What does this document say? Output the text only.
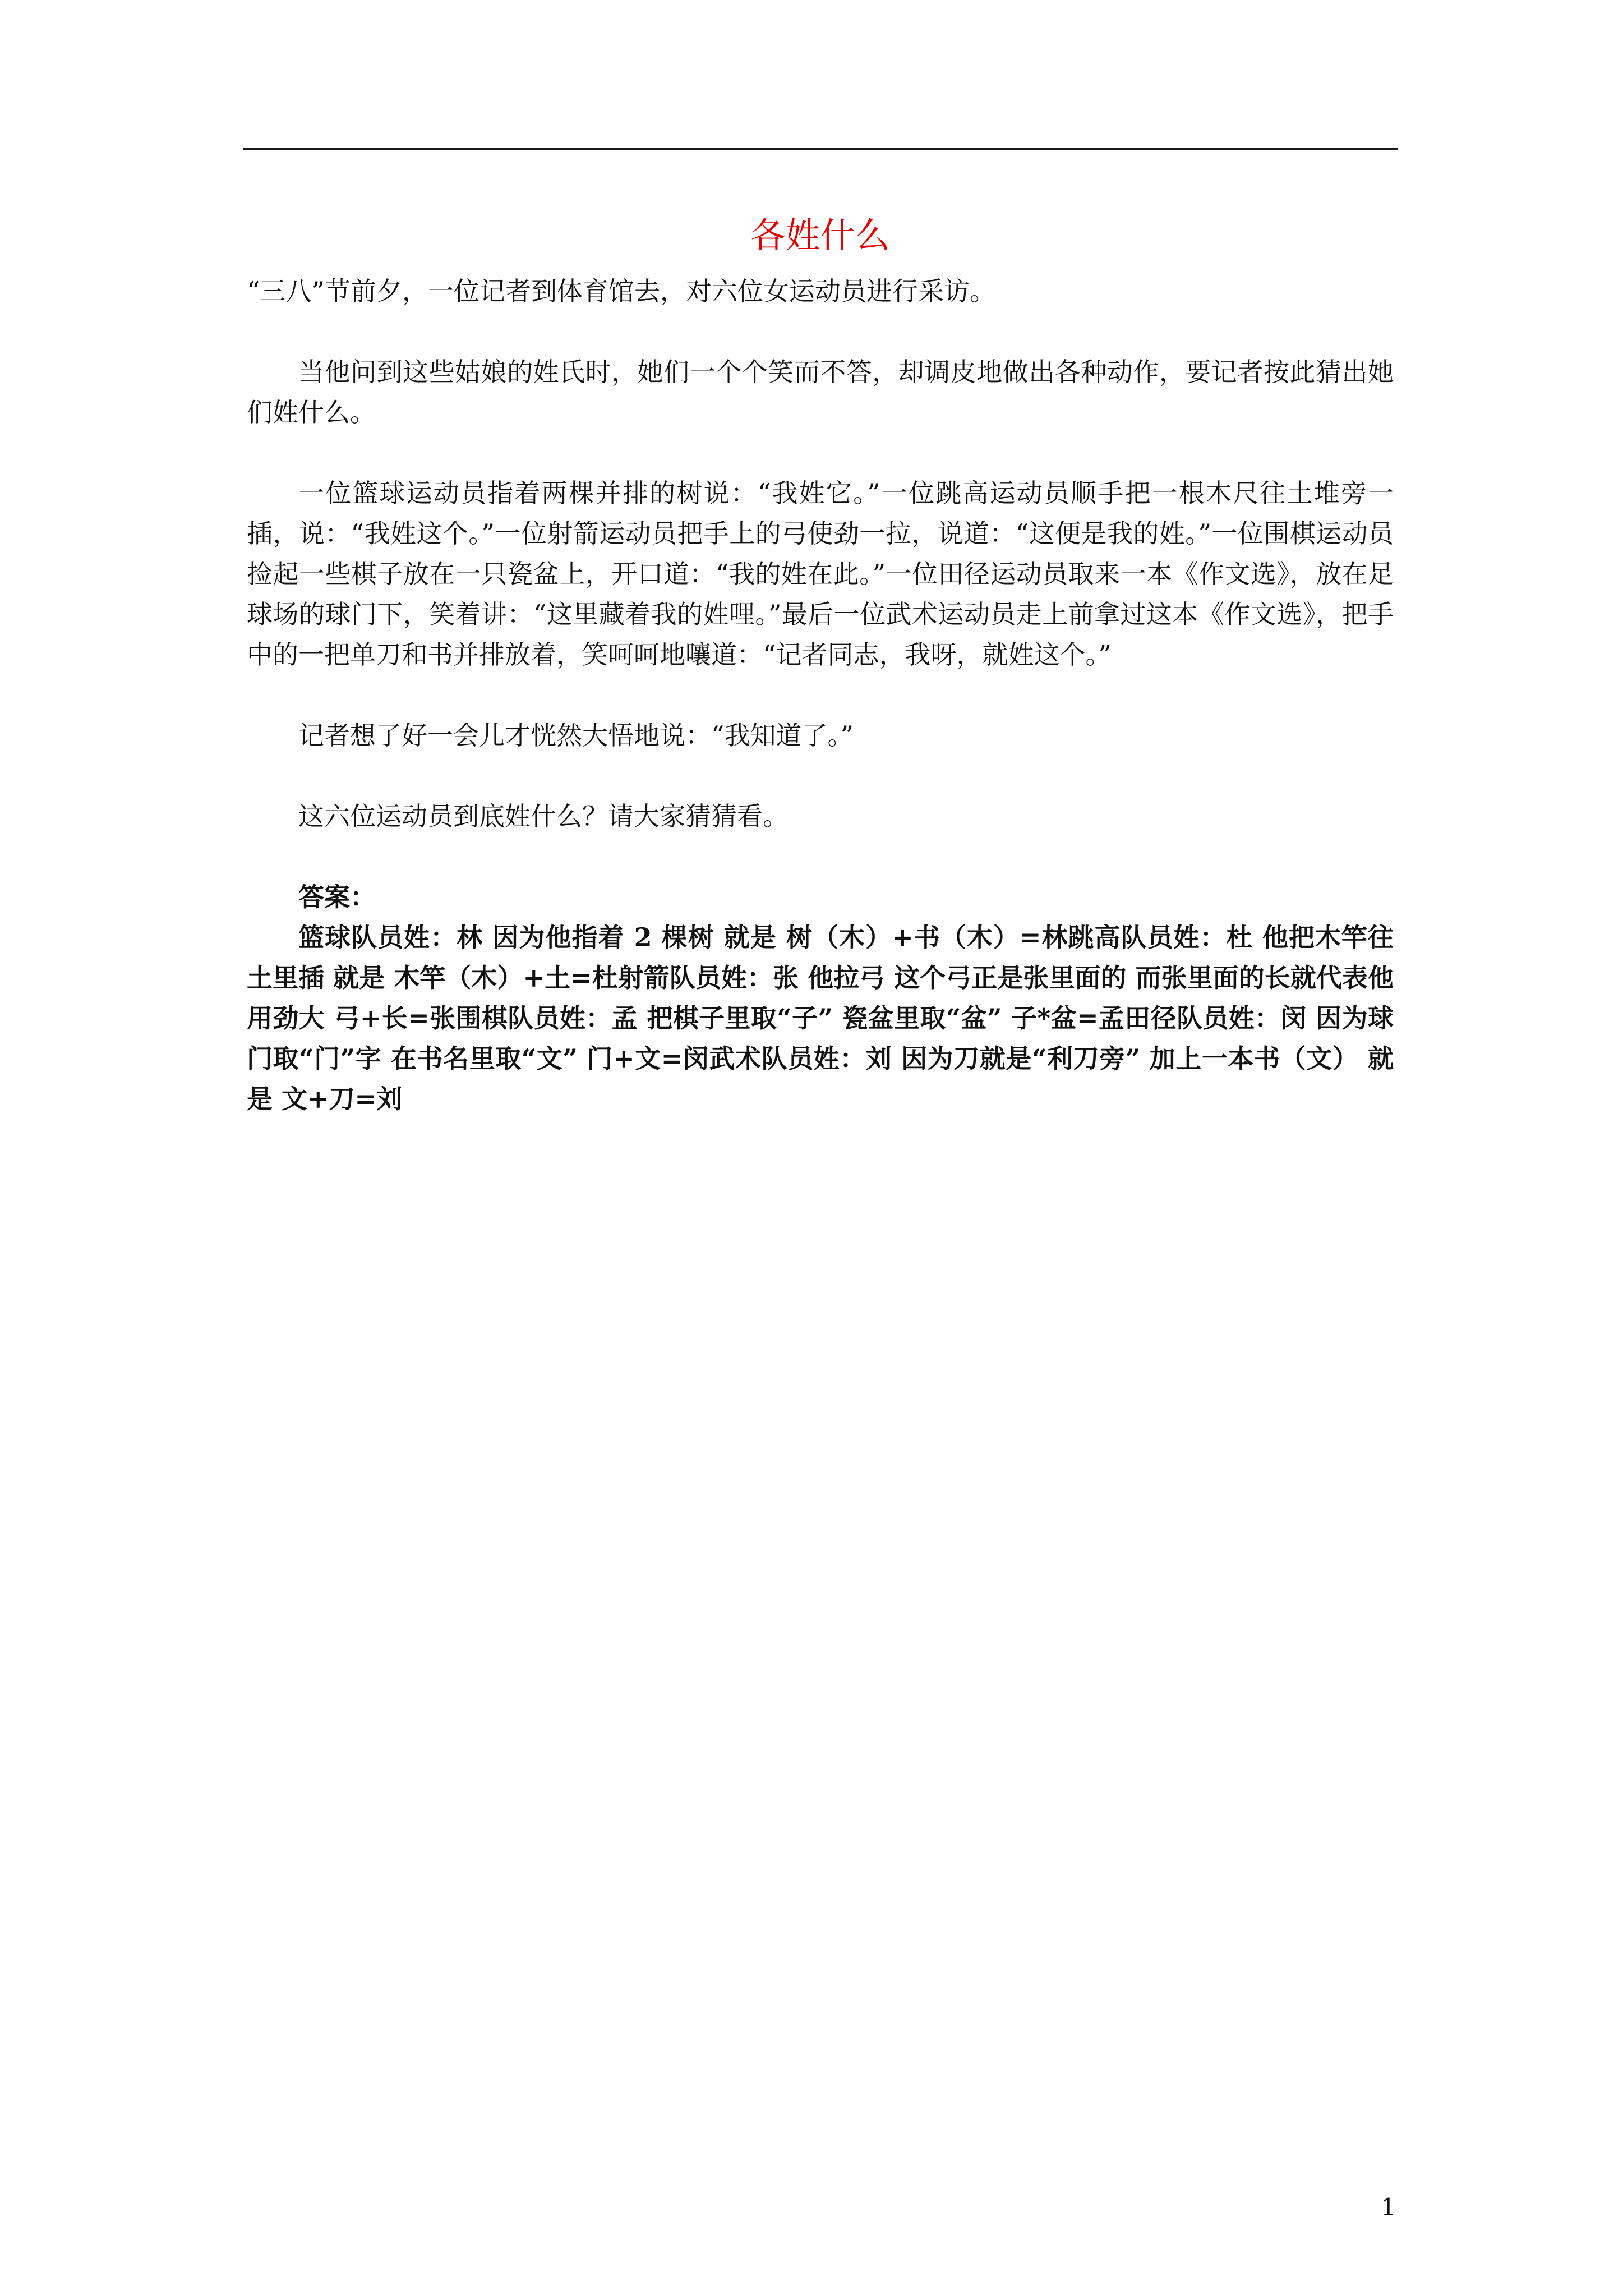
各姓什么

“三八”节前夕，一位记者到体育馆去，对六位女运动员进行采访。

当他问到这些姑娘的姓氏时，她们一个个笑而不答，却调皮地做出各种动作，要记者按此猜出她们姓什么。

一位篮球运动员指着两棵并排的树说：“我姓它。”一位跳高运动员顺手把一根木尺往土堆旁一插，说：“我姓这个。”一位射箭运动员把手上的弓使劲一拉，说道：“这便是我的姓。”一位围棋运动员捡起一些棋子放在一只瓷盆上，开口道：“我的姓在此。”一位田径运动员取来一本《作文选》，放在足球场的球门下，笑着讲：“这里藏着我的姓哩。”最后一位武术运动员走上前拿过这本《作文选》，把手中的一把单刀和书并排放着，笑呵呵地嚷道：“记者同志，我呀，就姓这个。”

记者想了好一会儿才恍然大悟地说：“我知道了。”

这六位运动员到底姓什么？请大家猜猜看。

答案：

篮球队员姓：林 因为他指着 2 棵树 就是 树（木）+书（木）=林跳高队员姓：杜 他把木竿往土里插 就是 木竿（木）+土=杜射箭队员姓：张 他拉弓 这个弓正是张里面的 而张里面的长就代表他用劲大 弓+长=张围棋队员姓：孟 把棋子里取“子” 瓷盆里取“盆” 子*盆=孟田径队员姓：闵 因为球门取“门”字 在书名里取“文” 门+文=闵武术队员姓：刘 因为刀就是“利刀旁” 加上一本书（文） 就是 文+刀=刘

1
